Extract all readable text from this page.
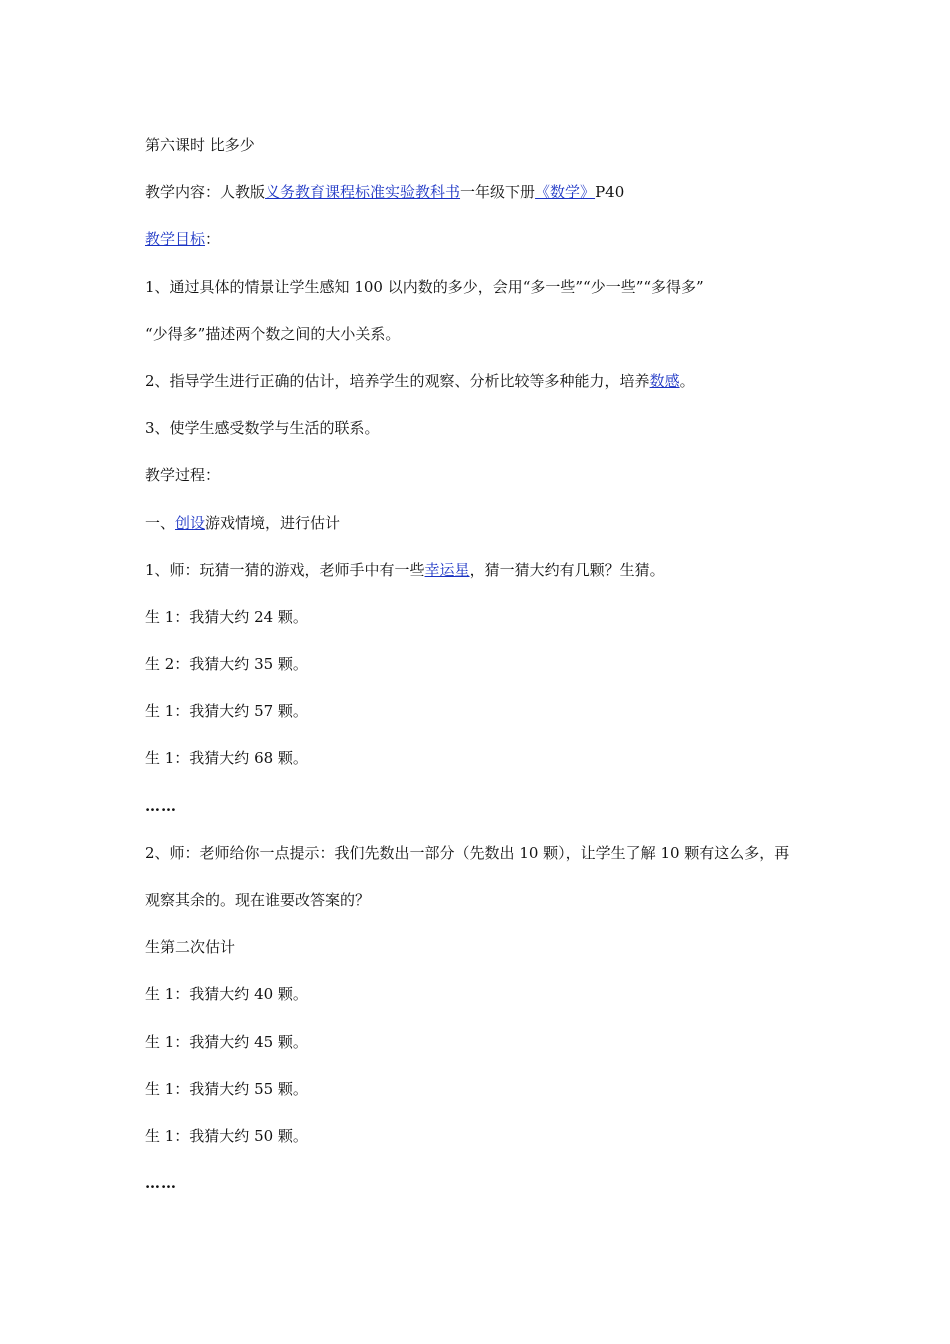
第六课时 比多少
教学内容：人教版义务教育课程标准实验教科书一年级下册《数学》P40
教学目标：
1、通过具体的情景让学生感知 100 以内数的多少，会用“多一些”“少一些”“多得多”
“少得多”描述两个数之间的大小关系。
2、指导学生进行正确的估计，培养学生的观察、分析比较等多种能力，培养数感。
3、使学生感受数学与生活的联系。
教学过程：
一、创设游戏情境，进行估计
1、师：玩猜一猜的游戏，老师手中有一些幸运星，猜一猜大约有几颗？生猜。
生 1：我猜大约 24 颗。
生 2：我猜大约 35 颗。
生 1：我猜大约 57 颗。
生 1：我猜大约 68 颗。
……
2、师：老师给你一点提示：我们先数出一部分（先数出 10 颗），让学生了解 10 颗有这么多，再
观察其余的。现在谁要改答案的？
生第二次估计
生 1：我猜大约 40 颗。
生 1：我猜大约 45 颗。
生 1：我猜大约 55 颗。
生 1：我猜大约 50 颗。
……
